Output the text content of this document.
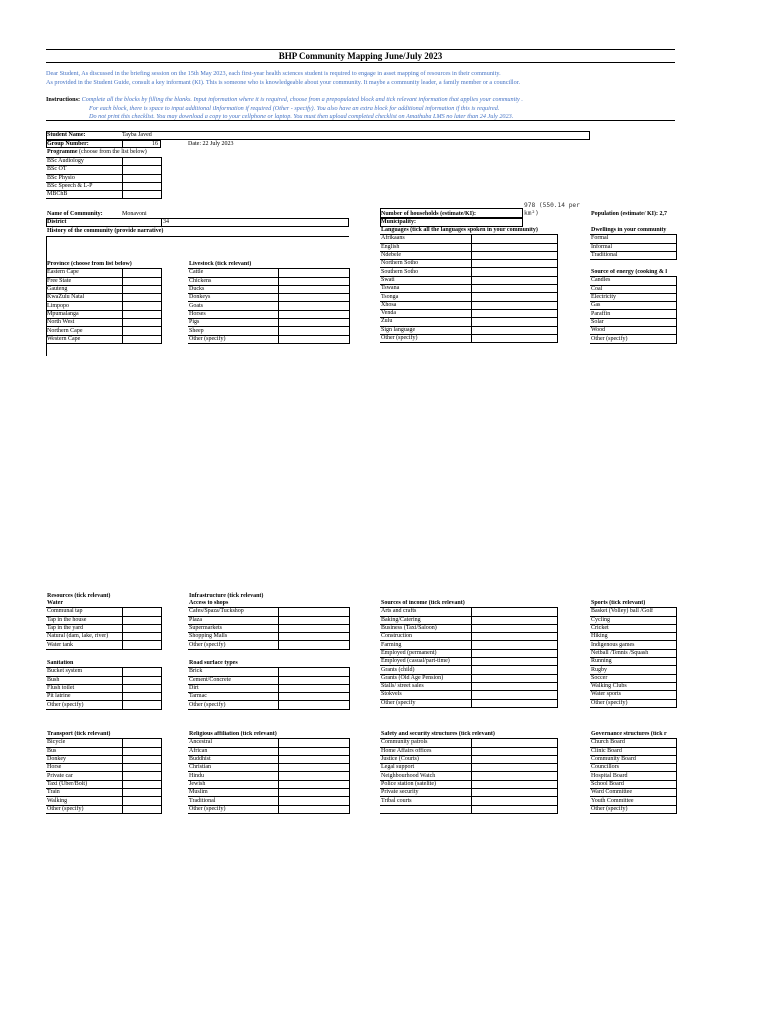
BHP Community Mapping June/July 2023
Dear Student, As discussed in the briefing session on the 15th May 2023, each first-year health sciences student is required to engage in asset mapping of resources in their community.
As provided in the Student Guide, consult a key informant (KI). This is someone who is knowledgeable about your community. It maybe a community leader, a family member or a councillor.
Instructions: Complete all the blocks by filling the blanks. Input information where it is required, choose from a prepopulated block and tick relevant information that applies your community .
For each block, there is space to input additional iInformation if required (Other - specify). You also have an extra block for additional information if this is required.
Do not print this checklist. You may download a copy to your cellphone or laptop. You must then upload completed checklist on Amathuba LMS no later than 24 July 2023.
Student Name:	Tayba Javed
Group Number:	16	Date: 22 July 2023
Programme (choose from the list below)
BSc Audiology	
BSc OT	
BSc Physio	
BSc Speech & L-P	
MBChB	
Name of Community:	Monavoni
District	34
History of the community (provide narrative)
Number of households (estimate/KI):
978 (550.14 per km²)
Municipality:
Population (estimate/ KI): 2,7
Languages (tick all the languages spoken in your community)	
Afrikaans	
English	
Ndebele	
Northern Sotho	
Southern Sotho	
Swati	
Tswana	
Tsonga	
Xhosa	
Venda	
Zulu	
Sign language	
Other (specify)	
Dwellings in your community
Formal
Informal
Traditional
Source of energy (cooking & l
Candles
Coal
Electricity
Gas
Paraffin
Solar
Wood
Other (specify)
Province (choose from list below)	
Eastern Cape	
Free State	
Gauteng	
KwaZulu Natal	
Limpopo	
Mpumalanga	
North West	
Northern Cape	
Western Cape	
Livestock (tick relevant)	
Cattle	
Chickens	
Ducks	
Donkeys	
Goats	
Horses	
Pigs	
Sheep	
Other (specify)	
Resources (tick relevant)	Infrastructure (tick relevant)
Water	
Communal tap	
Tap in the house	
Tap in the yard	
Natural (dam, lake, river)	
Water tank	
Access to shops	
Cafes/Spaza/Tuckshop	
Plaza	
Supermarkets	
Shopping Malls	
Other (specify)	
Sources of income (tick relevant)	
Arts and crafts	
Baking/Catering	
Business (Taxi/Saloon)	
Construction	
Farming	
Employed (permanent)	
Employed (casual/part-time)	
Grants (child)	
Grants (Old Age Pension)	
Stalls/ street sales	
Stokvels	
Other (specify	
Sports (tick relevant)
Basket (Volley) ball /Golf
Cycling
Cricket
Hiking
Indigenous games
Netball /Tennis /Squash
Running
Rugby
Soccer
Walking Clubs
Water sports
Other (specify)
Sanitation	
Bucket system	
Bush	
Flush toilet	
Pit latrine	
Other (specify)	
Road surface types	
Brick	
Cement/Concrete	
Dirt	
Tarmac	
Other (specify)	
Transport (tick relevant)	
Bicycle	
Bus	
Donkey	
Horse	
Private car	
Taxi (Uber/Bolt)	
Train	
Walking	
Other (specify)	
Religious affiliation (tick relevant)	
Ancestral	
African	
Buddhist	
Christian	
Hindu	
Jewish	
Muslim	
Traditional	
Other (specify)	
Safety and security structures (tick relevant)	
Community patrols	
Home Affairs offices	
Justice (Courts)	
Legal support	
Neighbourhood Watch	
Police station (satelite)	
Private security	
Tribal courts	

Governance structures (tick r
Church Board
Clinic Board
Community Board
Councillors
Hospital Board
School Board
Ward Committee
Youth Committee
Other (specify)
